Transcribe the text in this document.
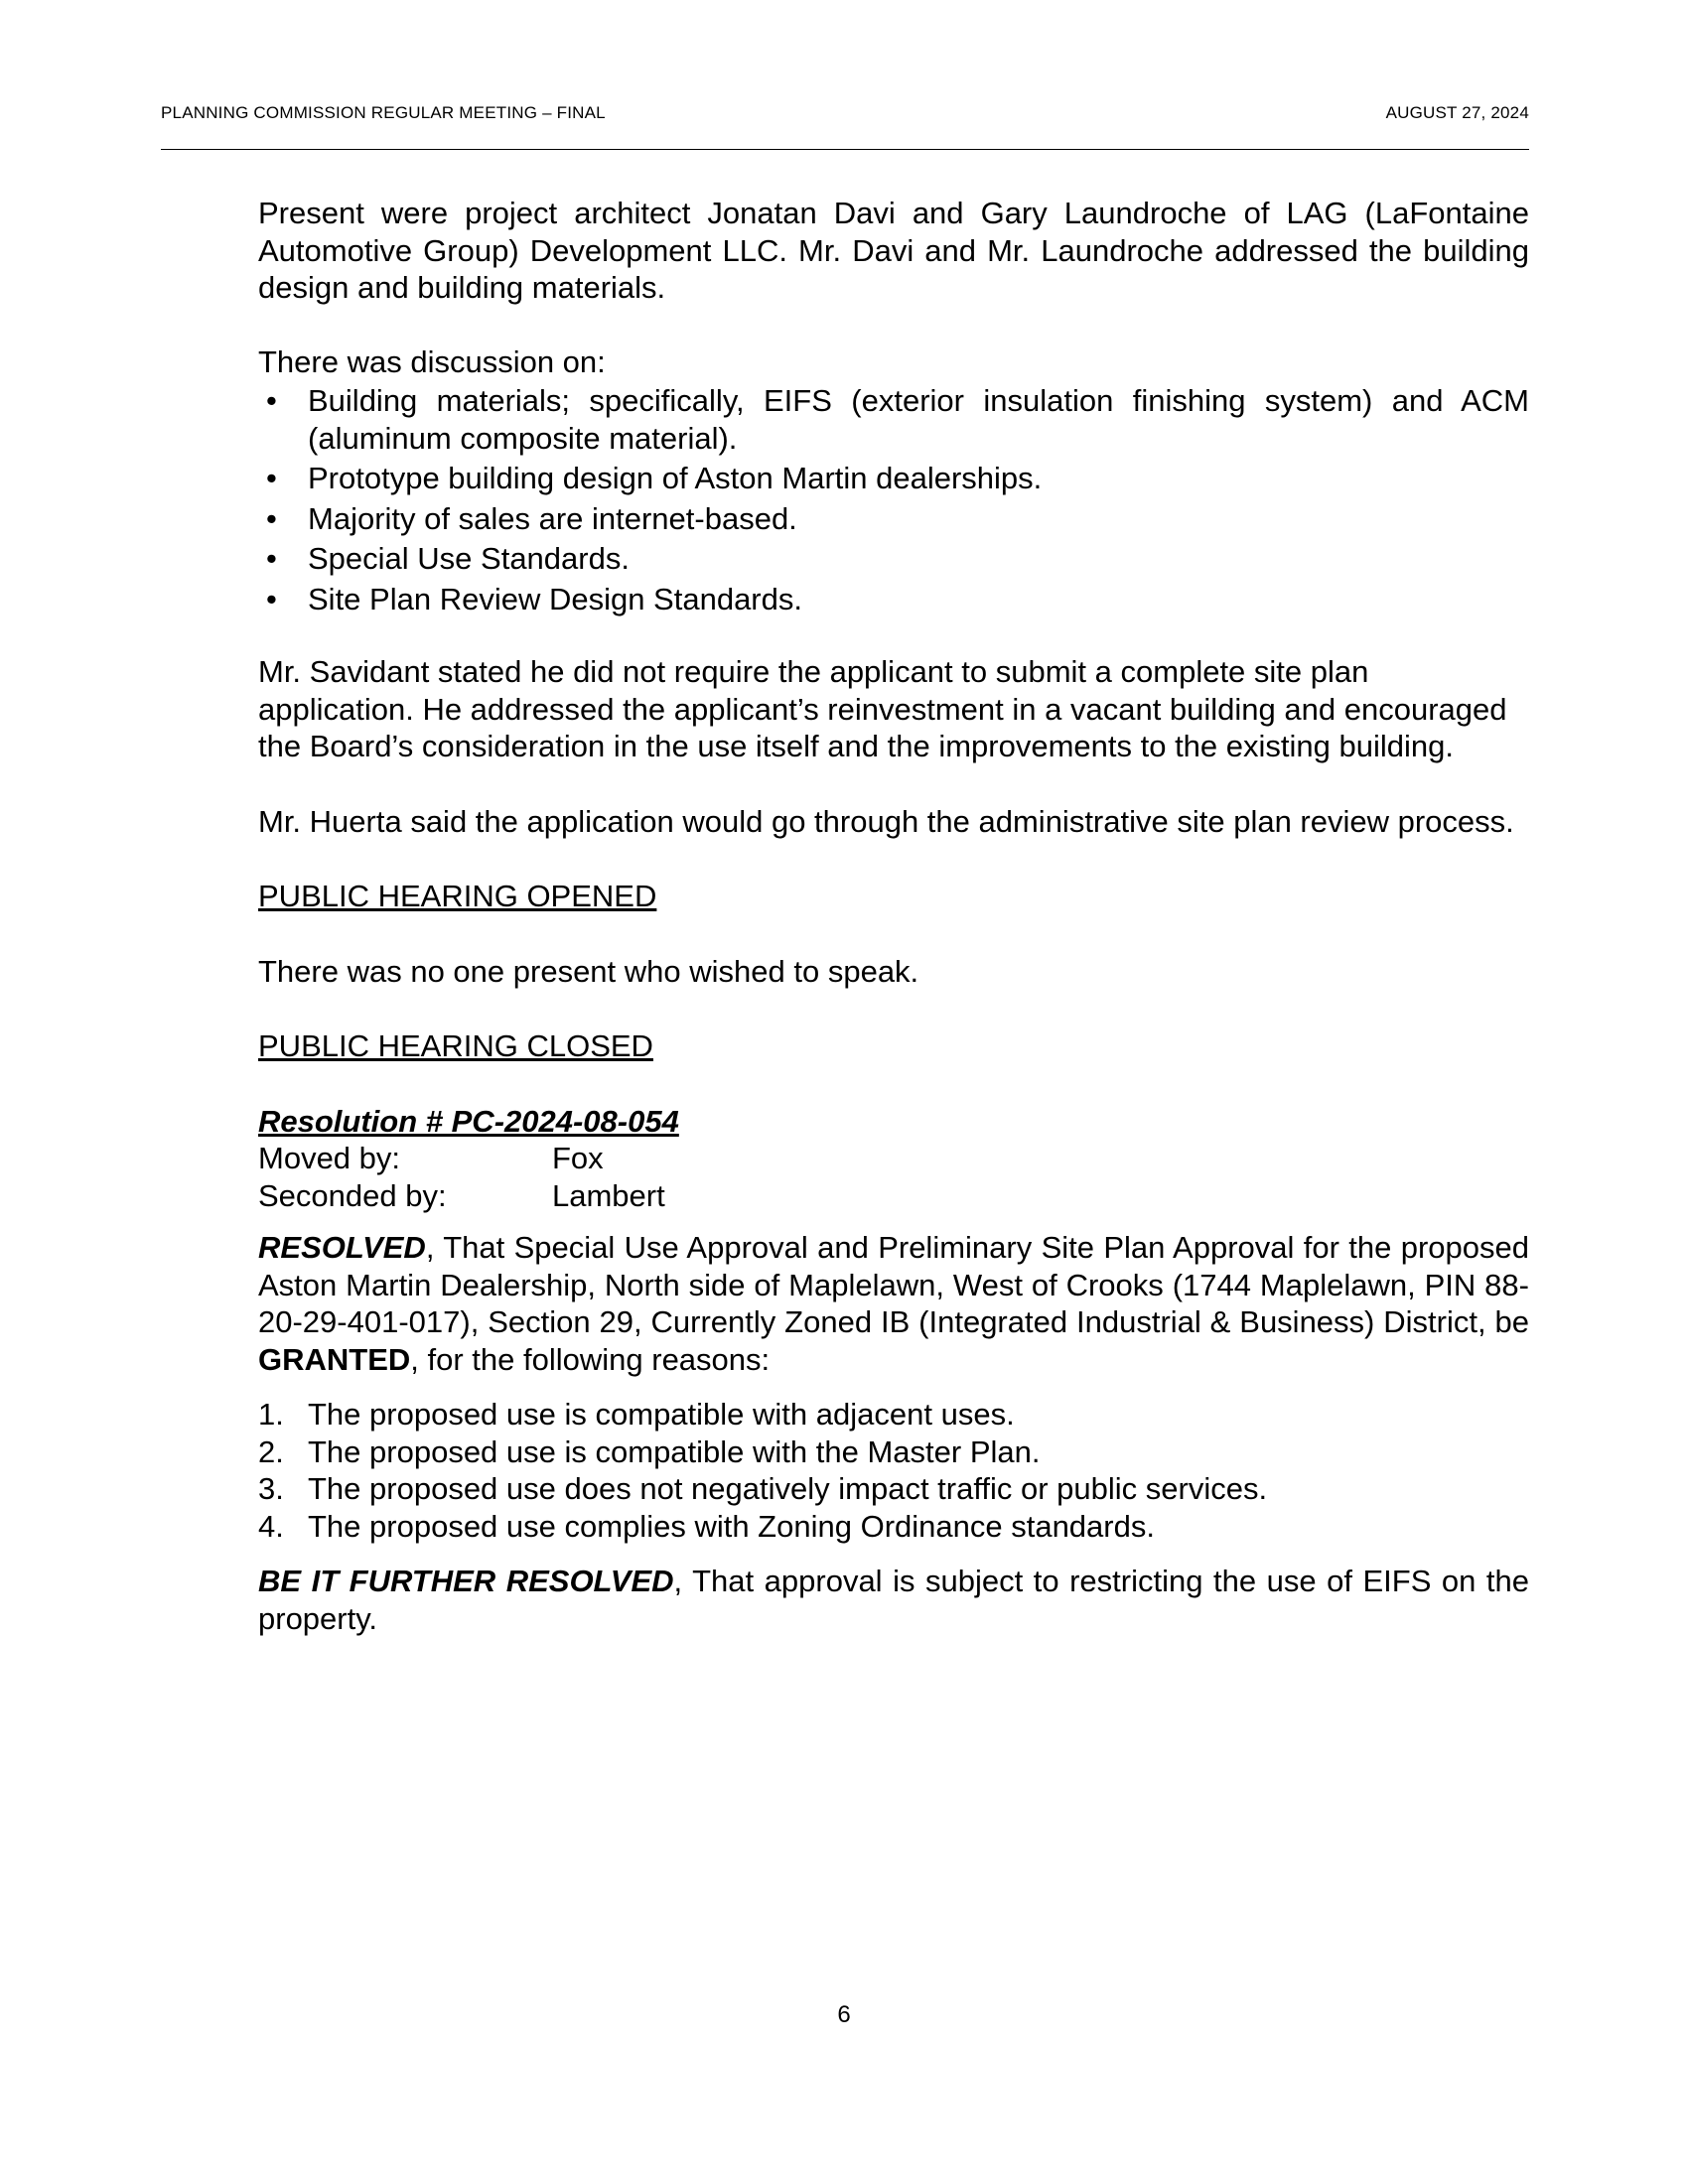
PLANNING COMMISSION REGULAR MEETING – FINAL	AUGUST 27, 2024

Present were project architect Jonatan Davi and Gary Laundroche of LAG (LaFontaine Automotive Group) Development LLC. Mr. Davi and Mr. Laundroche addressed the building design and building materials.

There was discussion on:

• Building materials; specifically, EIFS (exterior insulation finishing system) and ACM (aluminum composite material).
• Prototype building design of Aston Martin dealerships.
• Majority of sales are internet-based.
• Special Use Standards.
• Site Plan Review Design Standards.

Mr. Savidant stated he did not require the applicant to submit a complete site plan application. He addressed the applicant’s reinvestment in a vacant building and encouraged the Board’s consideration in the use itself and the improvements to the existing building.

Mr. Huerta said the application would go through the administrative site plan review process.

PUBLIC HEARING OPENED

There was no one present who wished to speak.

PUBLIC HEARING CLOSED

Resolution # PC-2024-08-054

Moved by:	Fox
Seconded by:	Lambert

RESOLVED, That Special Use Approval and Preliminary Site Plan Approval for the proposed Aston Martin Dealership, North side of Maplelawn, West of Crooks (1744 Maplelawn, PIN 88-20-29-401-017), Section 29, Currently Zoned IB (Integrated Industrial & Business) District, be GRANTED, for the following reasons:

1. The proposed use is compatible with adjacent uses.
2. The proposed use is compatible with the Master Plan.
3. The proposed use does not negatively impact traffic or public services.
4. The proposed use complies with Zoning Ordinance standards.

BE IT FURTHER RESOLVED, That approval is subject to restricting the use of EIFS on the property.

6
